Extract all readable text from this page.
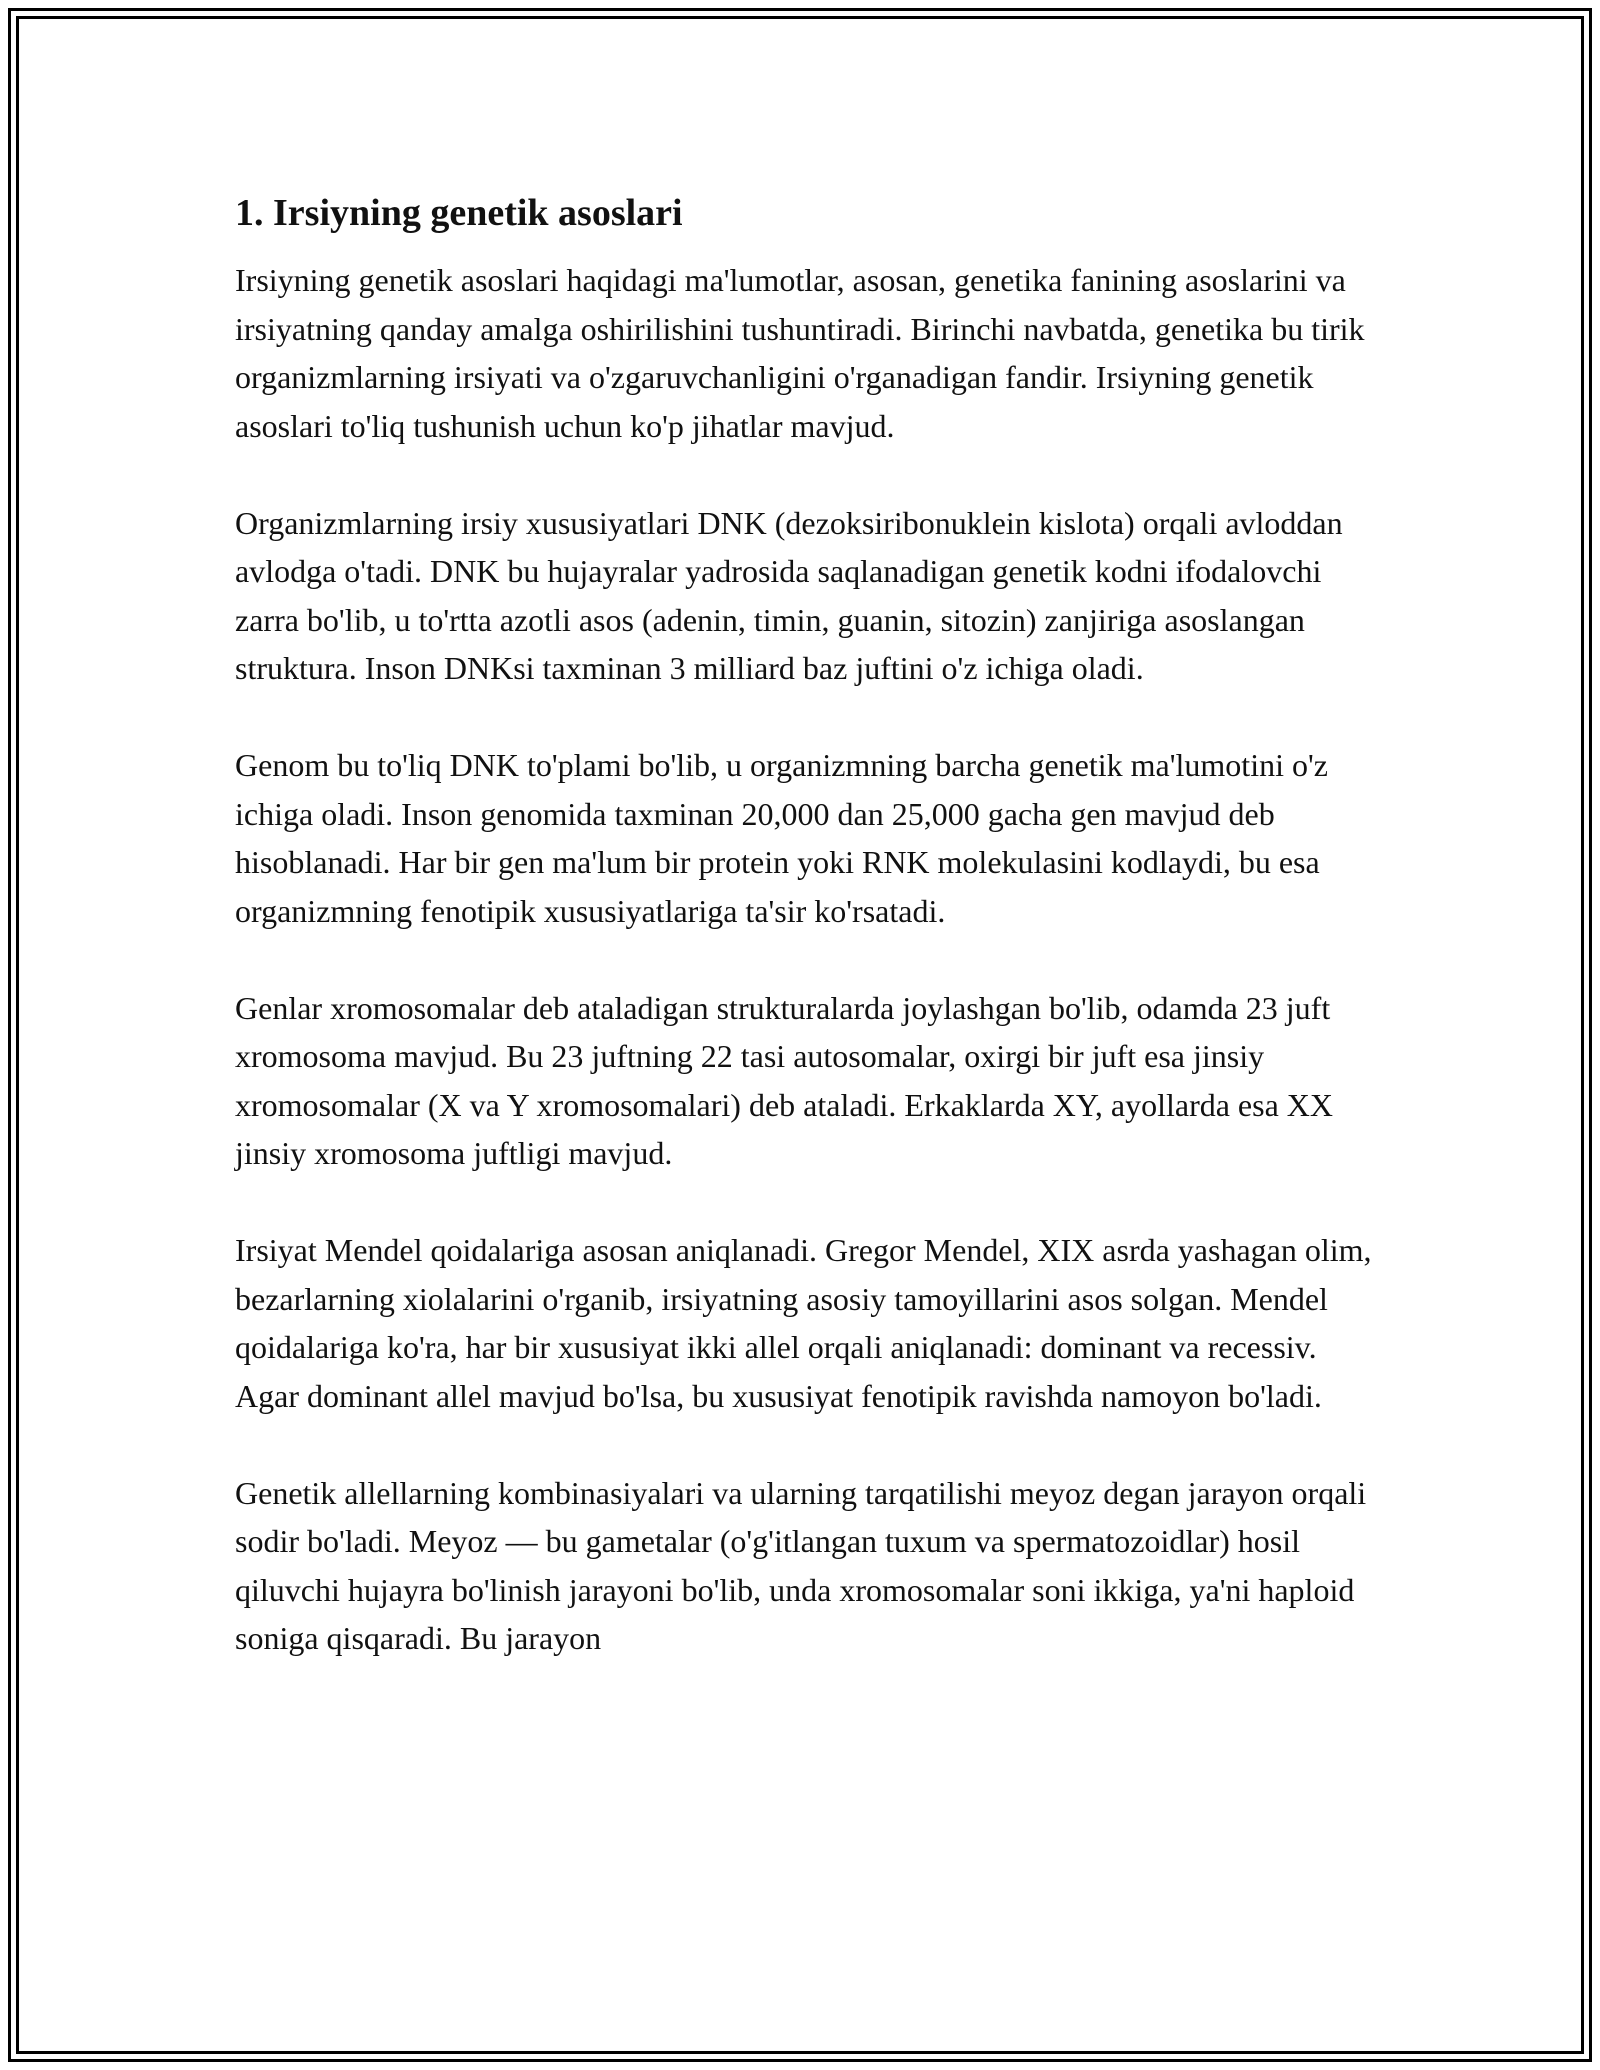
1. Irsiyning genetik asoslari

Irsiyning genetik asoslari haqidagi ma'lumotlar, asosan, genetika fanining asoslarini va irsiyatning qanday amalga oshirilishini tushuntiradi. Birinchi navbatda, genetika bu tirik organizmlarning irsiyati va o'zgaruvchanligini o'rganadigan fandir. Irsiyning genetik asoslari to'liq tushunish uchun ko'p jihatlar mavjud.

Organizmlarning irsiy xususiyatlari DNK (dezoksiribonuklein kislota) orqali avloddan avlodga o'tadi. DNK bu hujayralar yadrosida saqlanadigan genetik kodni ifodalovchi zarra bo'lib, u to'rtta azotli asos (adenin, timin, guanin, sitozin) zanjiriga asoslangan struktura. Inson DNKsi taxminan 3 milliard baz juftini o'z ichiga oladi.

Genom bu to'liq DNK to'plami bo'lib, u organizmning barcha genetik ma'lumotini o'z ichiga oladi. Inson genomida taxminan 20,000 dan 25,000 gacha gen mavjud deb hisoblanadi. Har bir gen ma'lum bir protein yoki RNK molekulasini kodlaydi, bu esa organizmning fenotipik xususiyatlariga ta'sir ko'rsatadi.

Genlar xromosomalar deb ataladigan strukturalarda joylashgan bo'lib, odamda 23 juft xromosoma mavjud. Bu 23 juftning 22 tasi autosomalar, oxirgi bir juft esa jinsiy xromosomalar (X va Y xromosomalari) deb ataladi. Erkaklarda XY, ayollarda esa XX jinsiy xromosoma juftligi mavjud.

Irsiyat Mendel qoidalariga asosan aniqlanadi. Gregor Mendel, XIX asrda yashagan olim, bezarlarning xiolalarini o'rganib, irsiyatning asosiy tamoyillarini asos solgan. Mendel qoidalariga ko'ra, har bir xususiyat ikki allel orqali aniqlanadi: dominant va recessiv. Agar dominant allel mavjud bo'lsa, bu xususiyat fenotipik ravishda namoyon bo'ladi.

Genetik allellarning kombinasiyalari va ularning tarqatilishi meyoz degan jarayon orqali sodir bo'ladi. Meyoz — bu gametalar (o'g'itlangan tuxum va spermatozoidlar) hosil qiluvchi hujayra bo'linish jarayoni bo'lib, unda xromosomalar soni ikkiga, ya'ni haploid soniga qisqaradi. Bu jarayon
